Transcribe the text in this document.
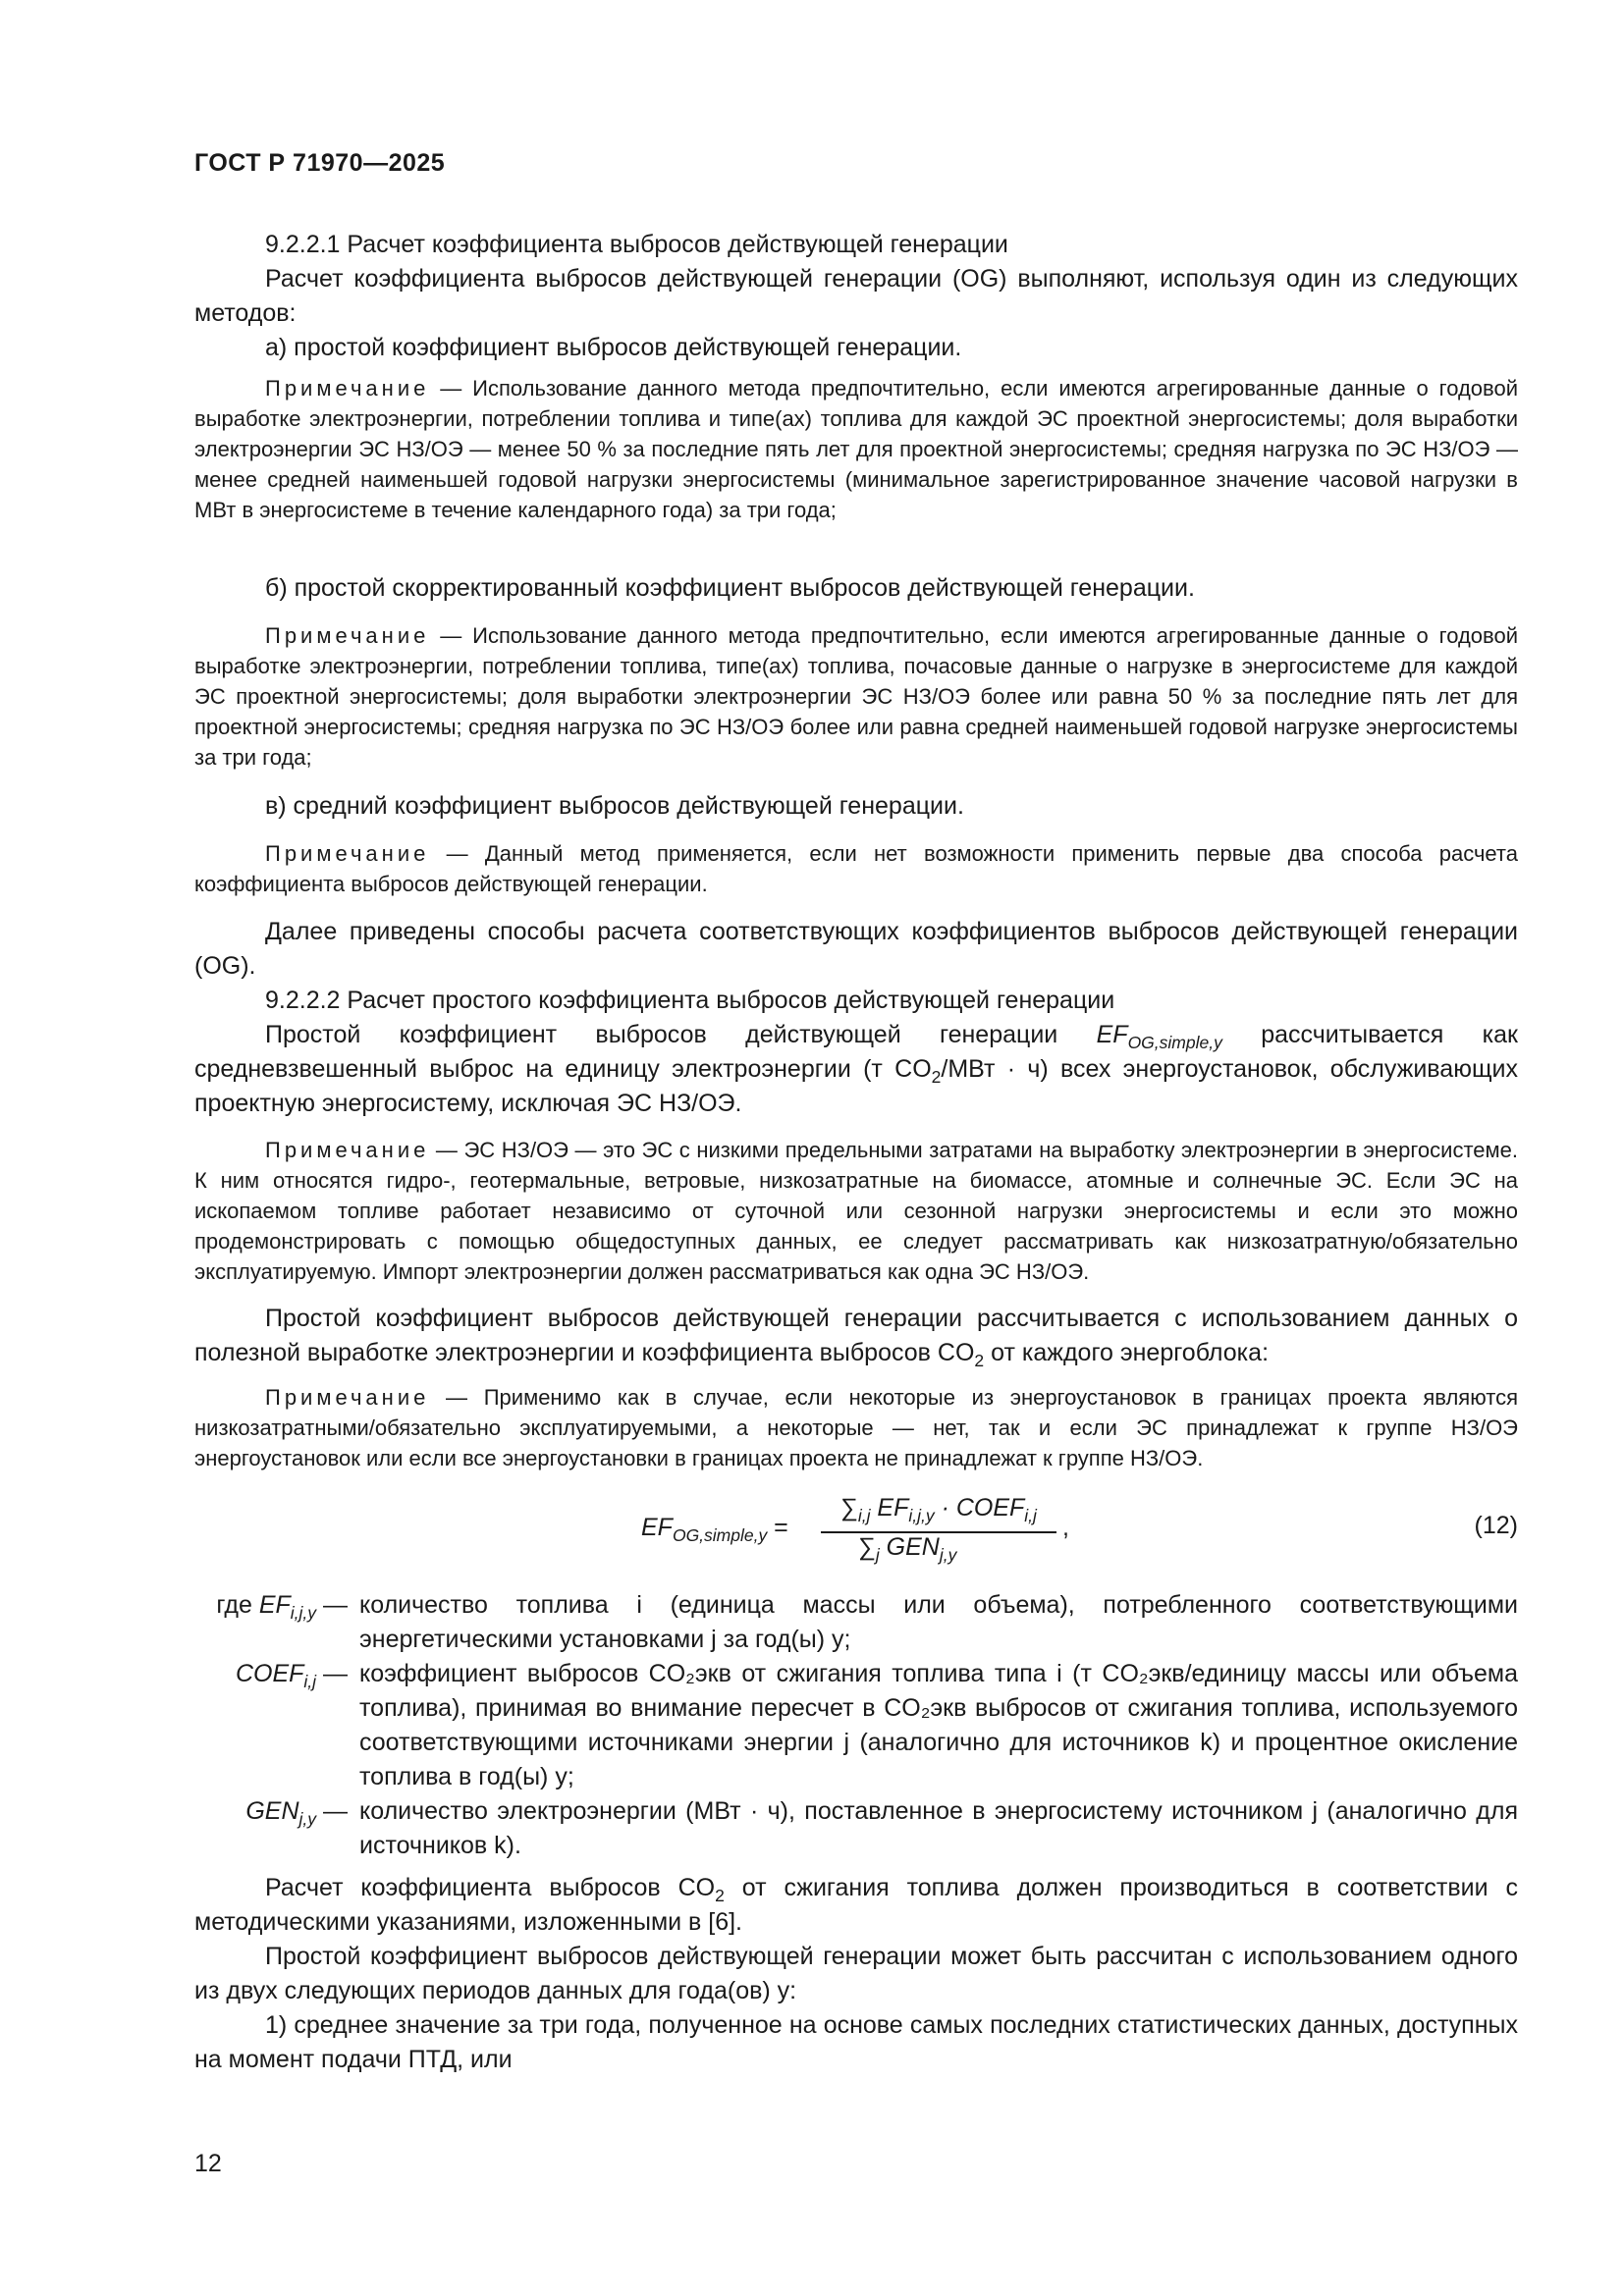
ГОСТ Р 71970—2025

9.2.2.1 Расчет коэффициента выбросов действующей генерации

Расчет коэффициента выбросов действующей генерации (OG) выполняют, используя один из следующих методов:

а) простой коэффициент выбросов действующей генерации.

Примечание — Использование данного метода предпочтительно, если имеются агрегированные данные о годовой выработке электроэнергии, потреблении топлива и типе(ах) топлива для каждой ЭС проектной энергосистемы; доля выработки электроэнергии ЭС НЗ/ОЭ — менее 50 % за последние пять лет для проектной энергосистемы; средняя нагрузка по ЭС НЗ/ОЭ — менее средней наименьшей годовой нагрузки энергосистемы (минимальное зарегистрированное значение часовой нагрузки в МВт в энергосистеме в течение календарного года) за три года;

б) простой скорректированный коэффициент выбросов действующей генерации.

Примечание — Использование данного метода предпочтительно, если имеются агрегированные данные о годовой выработке электроэнергии, потреблении топлива, типе(ах) топлива, почасовые данные о нагрузке в энергосистеме для каждой ЭС проектной энергосистемы; доля выработки электроэнергии ЭС НЗ/ОЭ более или равна 50 % за последние пять лет для проектной энергосистемы; средняя нагрузка по ЭС НЗ/ОЭ более или равна средней наименьшей годовой нагрузке энергосистемы за три года;

в) средний коэффициент выбросов действующей генерации.

Примечание — Данный метод применяется, если нет возможности применить первые два способа расчета коэффициента выбросов действующей генерации.

Далее приведены способы расчета соответствующих коэффициентов выбросов действующей генерации (OG).

9.2.2.2 Расчет простого коэффициента выбросов действующей генерации

Простой коэффициент выбросов действующей генерации $EF_{OG,simple,y}$ рассчитывается как средневзвешенный выброс на единицу электроэнергии (т $CO_2$/МВт · ч) всех энергоустановок, обслуживающих проектную энергосистему, исключая ЭС НЗ/ОЭ.

Примечание — ЭС НЗ/ОЭ — это ЭС с низкими предельными затратами на выработку электроэнергии в энергосистеме. К ним относятся гидро-, геотермальные, ветровые, низкозатратные на биомассе, атомные и солнечные ЭС. Если ЭС на ископаемом топливе работает независимо от суточной или сезонной нагрузки энергосистемы и если это можно продемонстрировать с помощью общедоступных данных, ее следует рассматривать как низкозатратную/обязательно эксплуатируемую. Импорт электроэнергии должен рассматриваться как одна ЭС НЗ/ОЭ.

Простой коэффициент выбросов действующей генерации рассчитывается с использованием данных о полезной выработке электроэнергии и коэффициента выбросов $CO_2$ от каждого энергоблока:

Примечание — Применимо как в случае, если некоторые из энергоустановок в границах проекта являются низкозатратными/обязательно эксплуатируемыми, а некоторые — нет, так и если ЭС принадлежат к группе НЗ/ОЭ энергоустановок или если все энергоустановки в границах проекта не принадлежат к группе НЗ/ОЭ.

$EF_{OG,simple,y}$ =
$\sum_{i,j}$ $EF_{i,j,y}$ · $COEF_{i,j}$
$\sum_j$ $GEN_{j,y}$
,	(12)
где $EF_{i,j,y}$ — количество топлива i (единица массы или объема), потребленного соответствующими энергетическими установками j за год(ы) y;
$COEF_{i,j}$ — коэффициент выбросов CO₂экв от сжигания топлива типа i (т CO₂экв/единицу массы или объема топлива), принимая во внимание пересчет в CO₂экв выбросов от сжигания топлива, используемого соответствующими источниками энергии j (аналогично для источников k) и процентное окисление топлива в год(ы) y;
$GEN_{j,y}$ — количество электроэнергии (МВт · ч), поставленное в энергосистему источником j (аналогично для источников k).

Расчет коэффициента выбросов $CO_2$ от сжигания топлива должен производиться в соответствии с методическими указаниями, изложенными в [6].

Простой коэффициент выбросов действующей генерации может быть рассчитан с использованием одного из двух следующих периодов данных для года(ов) y:

1) среднее значение за три года, полученное на основе самых последних статистических данных, доступных на момент подачи ПТД, или

12
